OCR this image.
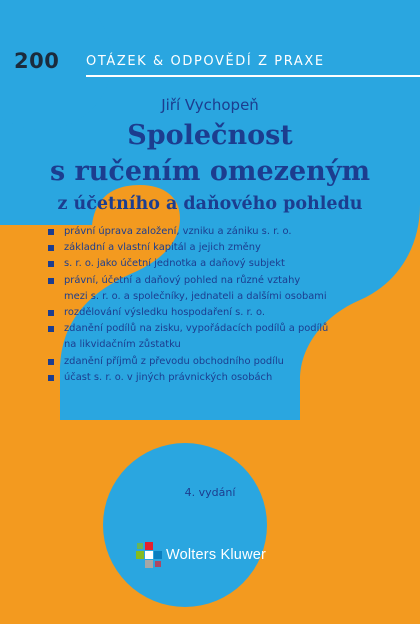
200 OTÁZEK & ODPOVĚDÍ Z PRAXE
Jiří Vychopeň
Společnost
s ručením omezeným
z účetního a daňového pohledu
právní úprava založení, vzniku a zániku s. r. o.
základní a vlastní kapitál a jejich změny
s. r. o. jako účetní jednotka a daňový subjekt
právní, účetní a daňový pohled na různé vztahy
mezi s. r. o. a společníky, jednateli a dalšími osobami
rozdělování výsledku hospodaření s. r. o.
zdanění podílů na zisku, vypořádacích podílů a podílů
na likvidačním zůstatku
zdanění příjmů z převodu obchodního podílu
účast s. r. o. v jiných právnických osobách
4. vydání
Wolters Kluwer
